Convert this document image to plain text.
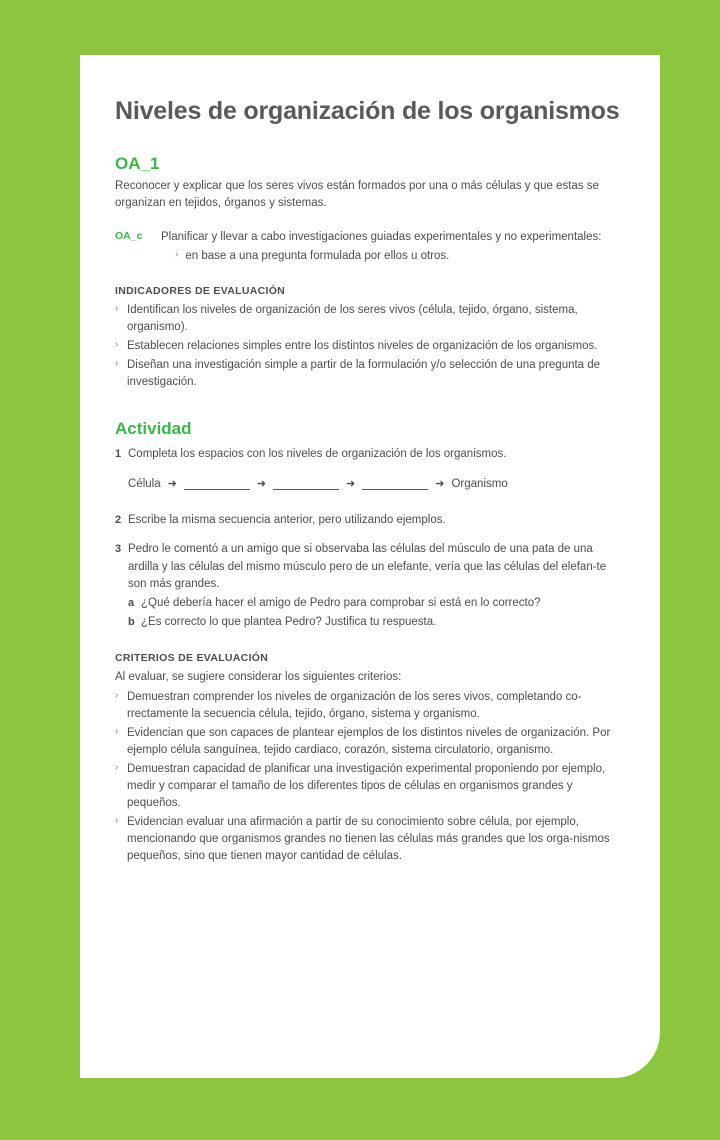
Niveles de organización de los organismos
OA_1

Reconocer y explicar que los seres vivos están formados por una o más células y que estas se organizan en tejidos, órganos y sistemas.

OA_c	Planificar y llevar a cabo investigaciones guiadas experimentales y no experimentales:
› en base a una pregunta formulada por ellos u otros.
INDICADORES DE EVALUACIÓN
› Identifican los niveles de organización de los seres vivos (célula, tejido, órgano, sistema, organismo).
› Establecen relaciones simples entre los distintos niveles de organización de los organismos.
› Diseñan una investigación simple a partir de la formulación y/o selección de una pregunta de investigación.
Actividad
1 Completa los espacios con los niveles de organización de los organismos.
Célula ➜	➜	➜	➜ Organismo
2 Escribe la misma secuencia anterior, pero utilizando ejemplos.
3 Pedro le comentó a un amigo que si observaba las células del músculo de una pata de una ardilla y las células del mismo músculo pero de un elefante, vería que las células del elefan-te son más grandes.
a ¿Qué debería hacer el amigo de Pedro para comprobar si está en lo correcto?
b ¿Es correcto lo que plantea Pedro? Justifica tu respuesta.
CRITERIOS DE EVALUACIÓN

Al evaluar, se sugiere considerar los siguientes criterios:

› Demuestran comprender los niveles de organización de los seres vivos, completando co-rrectamente la secuencia célula, tejido, órgano, sistema y organismo.
› Evidencian que son capaces de plantear ejemplos de los distintos niveles de organización. Por ejemplo célula sanguínea, tejido cardiaco, corazón, sistema circulatorio, organismo.
› Demuestran capacidad de planificar una investigación experimental proponiendo por ejemplo, medir y comparar el tamaño de los diferentes tipos de células en organismos grandes y pequeños.
› Evidencian evaluar una afirmación a partir de su conocimiento sobre célula, por ejemplo, mencionando que organismos grandes no tienen las células más grandes que los orga-nismos pequeños, sino que tienen mayor cantidad de células.
